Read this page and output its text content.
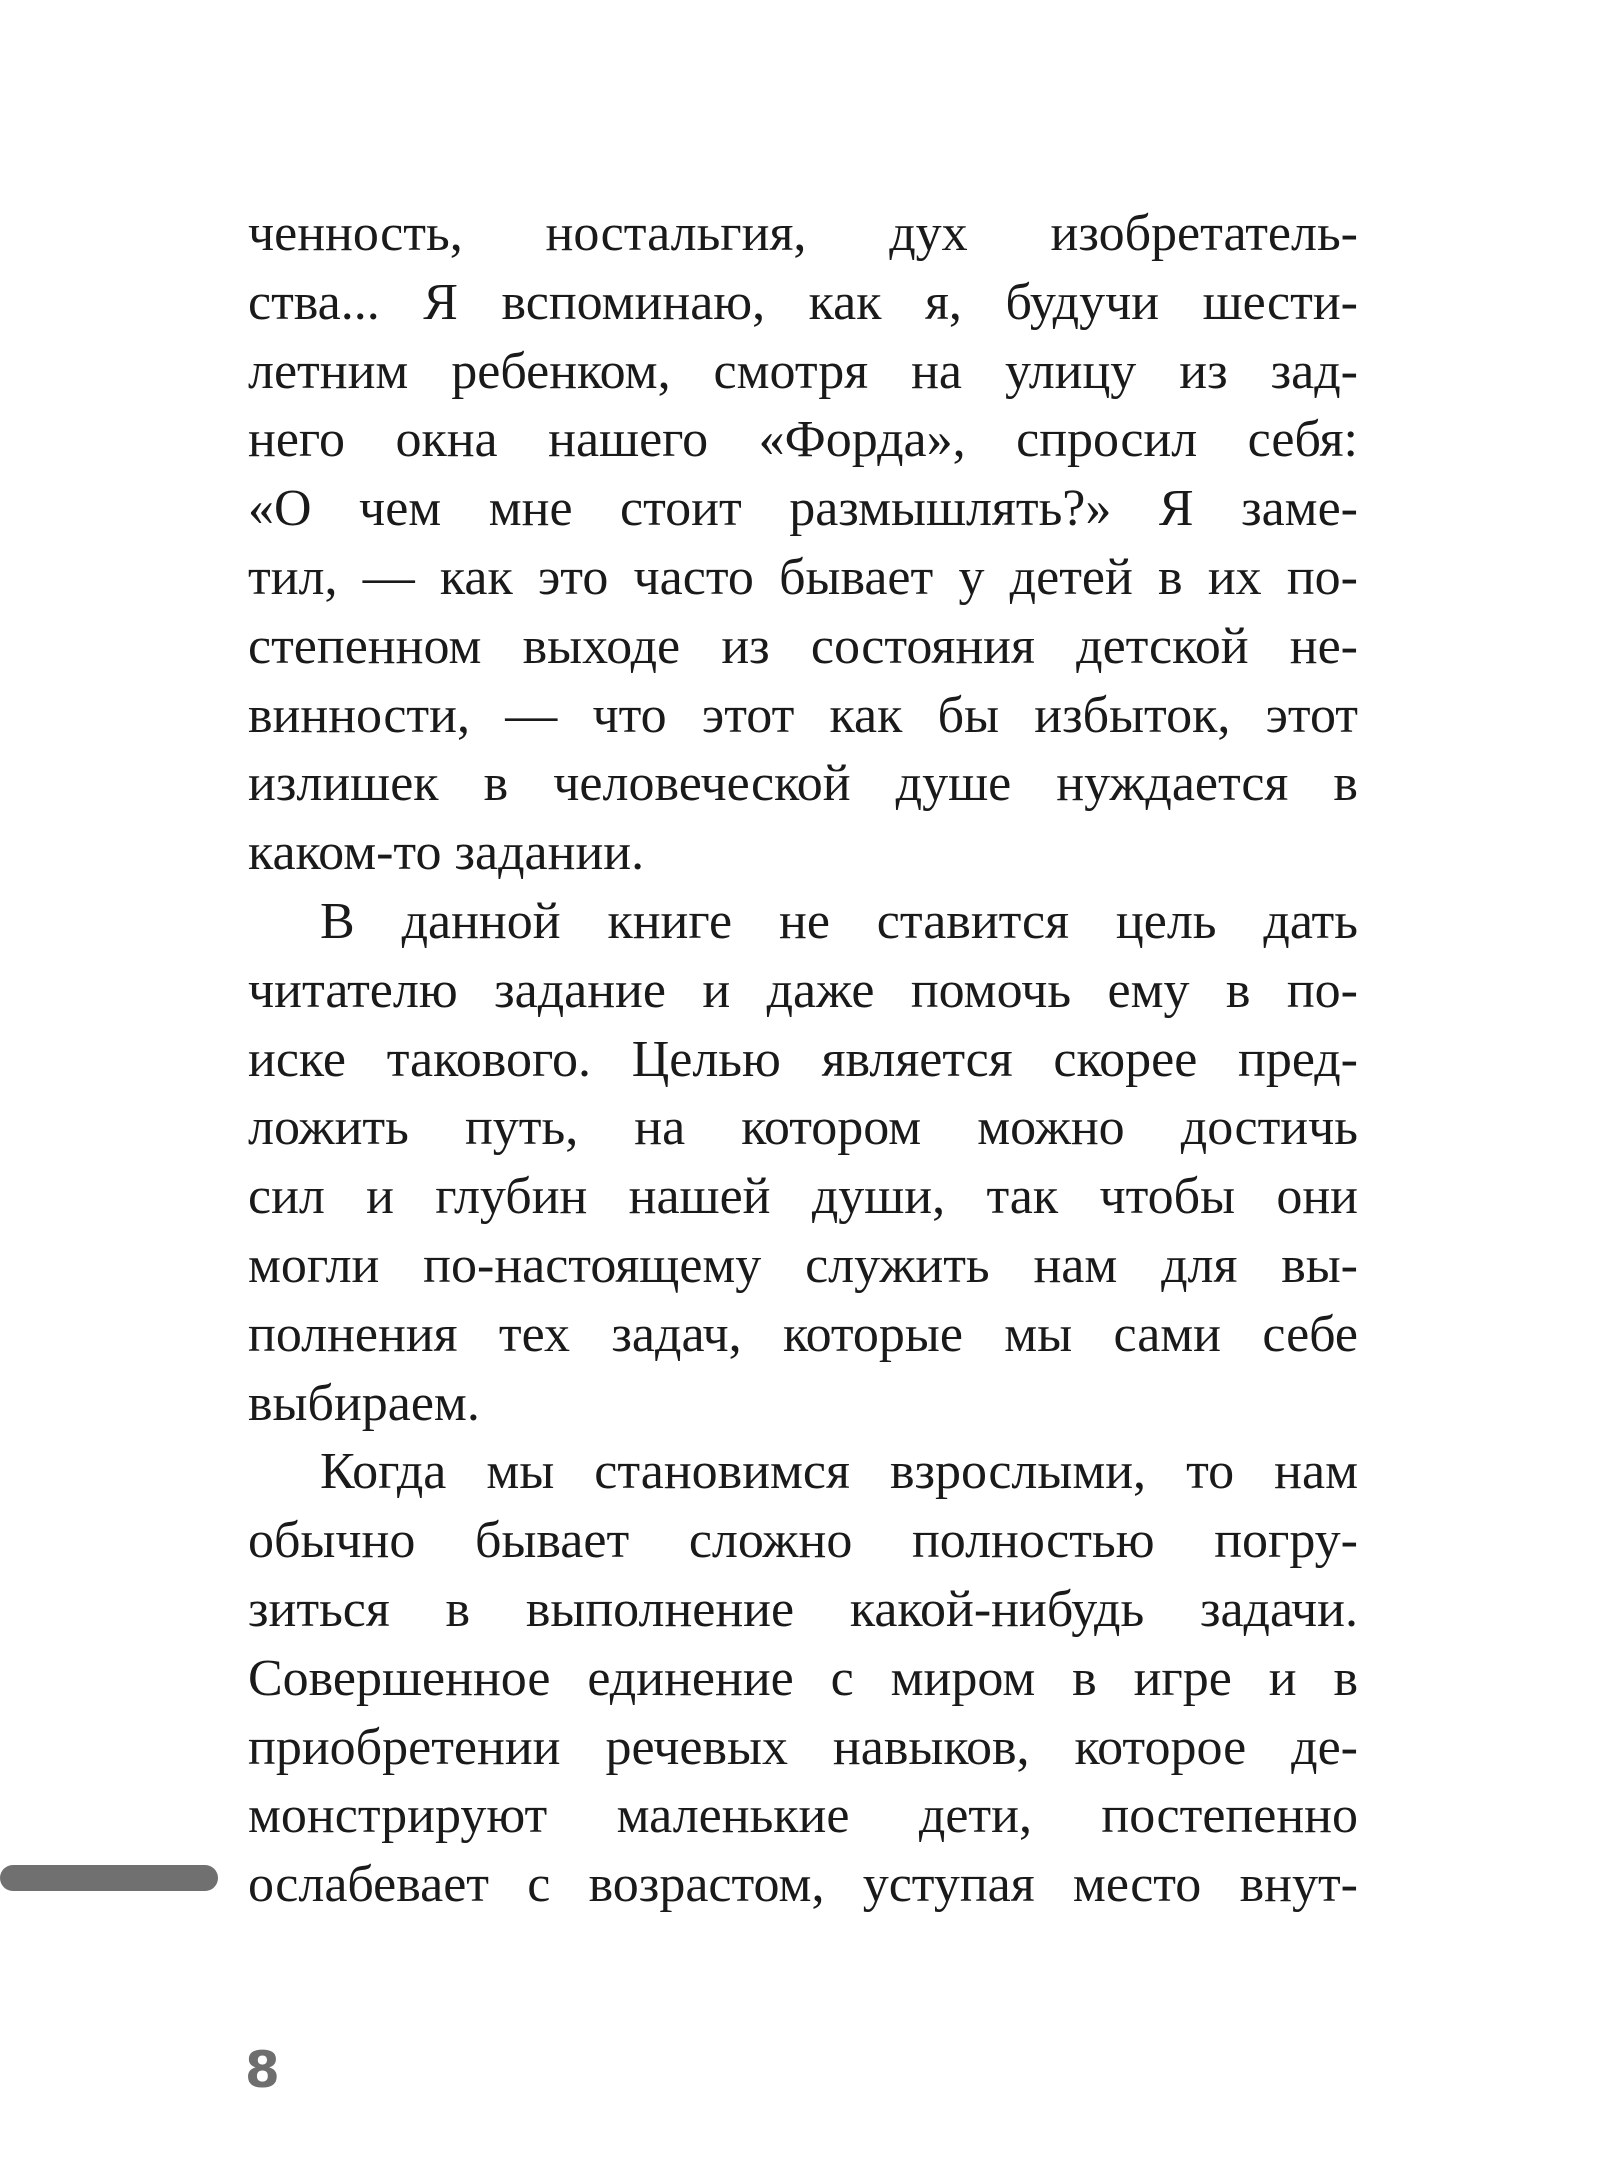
ченность, ностальгия, дух изобретатель-
ства... Я вспоминаю, как я, будучи шести-
летним ребенком, смотря на улицу из зад-
него окна нашего «Форда», спросил себя:
«О чем мне стоит размышлять?» Я заме-
тил, — как это часто бывает у детей в их по-
степенном выходе из состояния детской не-
винности, — что этот как бы избыток, этот
излишек в человеческой душе нуждается в
каком-то задании.
В данной книге не ставится цель дать
читателю задание и даже помочь ему в по-
иске такового. Целью является скорее пред-
ложить путь, на котором можно достичь
сил и глубин нашей души, так чтобы они
могли по-настоящему служить нам для вы-
полнения тех задач, которые мы сами себе
выбираем.
Когда мы становимся взрослыми, то нам
обычно бывает сложно полностью погру-
зиться в выполнение какой-нибудь задачи.
Совершенное единение с миром в игре и в
приобретении речевых навыков, которое де-
монстрируют маленькие дети, постепенно
ослабевает с возрастом, уступая место внут-
8
